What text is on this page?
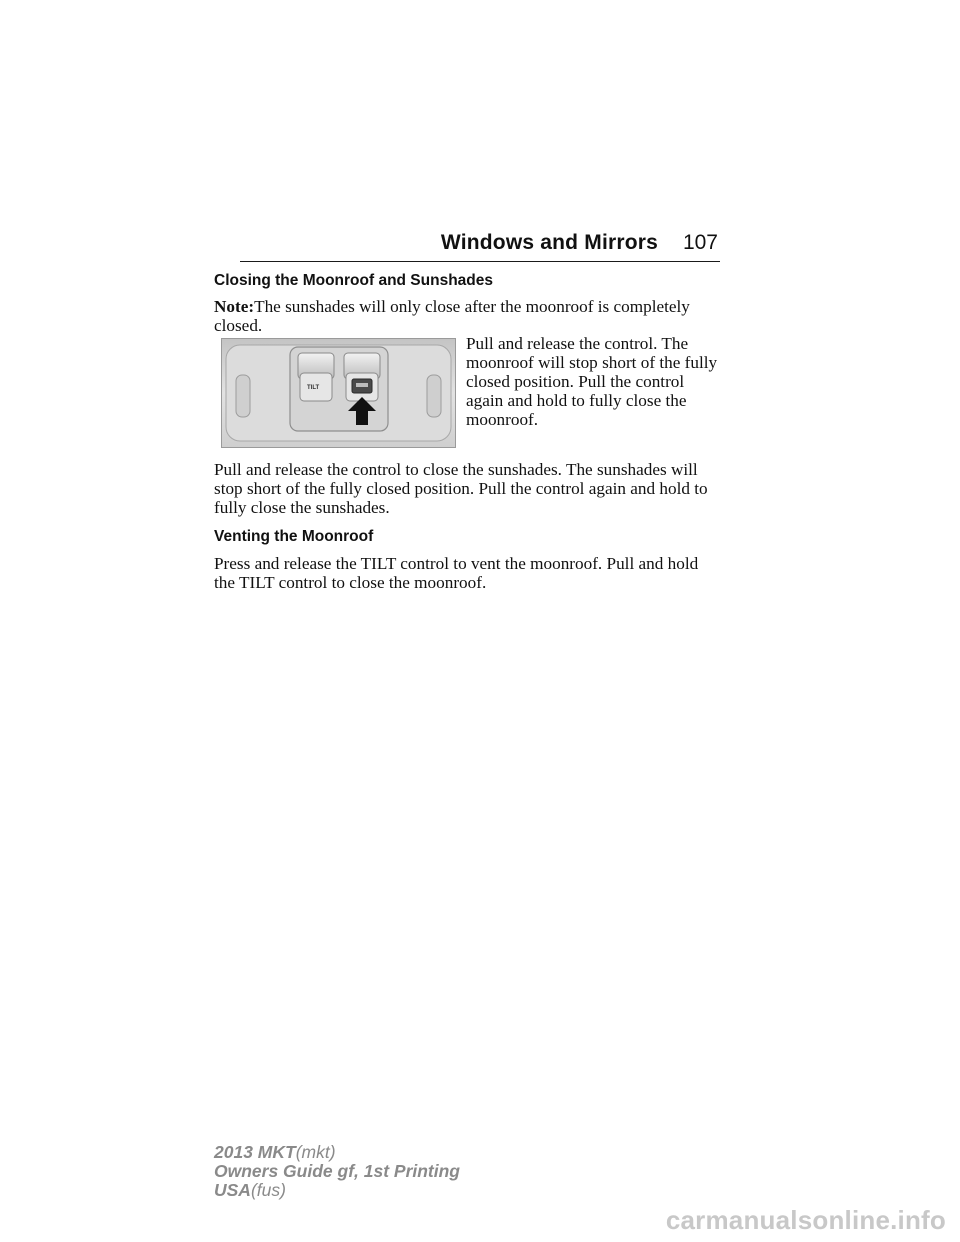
Windows and Mirrors 107
Closing the Moonroof and Sunshades
Note:The sunshades will only close after the moonroof is completely
closed.
TILT
Pull and release the control. The
moonroof will stop short of the fully
closed position. Pull the control
again and hold to fully close the
moonroof.
Pull and release the control to close the sunshades. The sunshades will
stop short of the fully closed position. Pull the control again and hold to
fully close the sunshades.
Venting the Moonroof
Press and release the TILT control to vent the moonroof. Pull and hold
the TILT control to close the moonroof.
2013 MKT(mkt)
Owners Guide gf, 1st Printing
USA(fus)
carmanualsonline.info
